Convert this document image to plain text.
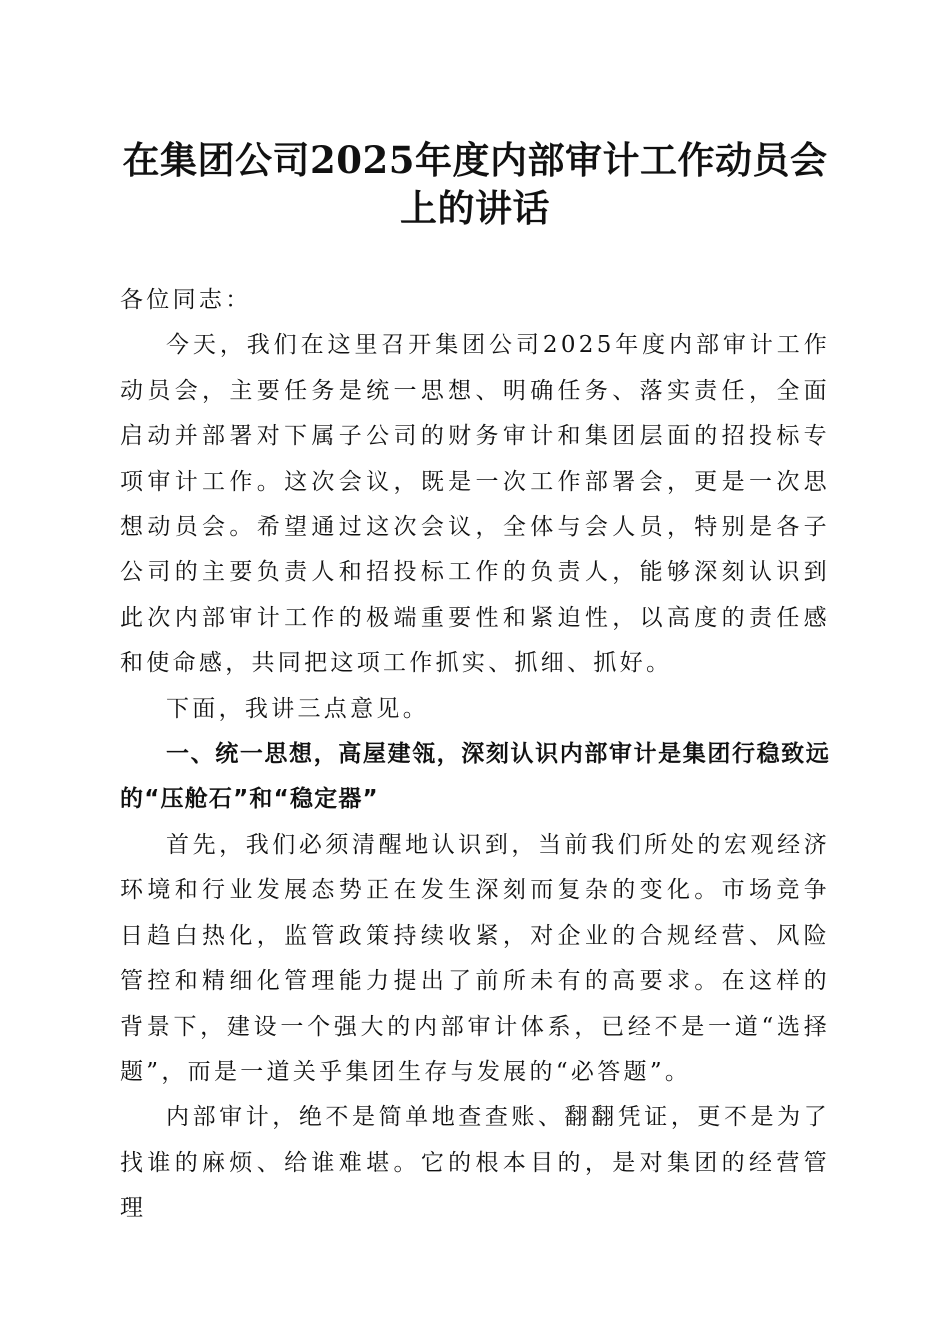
在集团公司2025年度内部审计工作动员会上的讲话

各位同志：

今天，我们在这里召开集团公司2025年度内部审计工作动员会，主要任务是统一思想、明确任务、落实责任，全面启动并部署对下属子公司的财务审计和集团层面的招投标专项审计工作。这次会议，既是一次工作部署会，更是一次思想动员会。希望通过这次会议，全体与会人员，特别是各子公司的主要负责人和招投标工作的负责人，能够深刻认识到此次内部审计工作的极端重要性和紧迫性，以高度的责任感和使命感，共同把这项工作抓实、抓细、抓好。

下面，我讲三点意见。

一、统一思想，高屋建瓴，深刻认识内部审计是集团行稳致远的“压舱石”和“稳定器”

首先，我们必须清醒地认识到，当前我们所处的宏观经济环境和行业发展态势正在发生深刻而复杂的变化。市场竞争日趋白热化，监管政策持续收紧，对企业的合规经营、风险管控和精细化管理能力提出了前所未有的高要求。在这样的背景下，建设一个强大的内部审计体系，已经不是一道“选择题”，而是一道关乎集团生存与发展的“必答题”。

内部审计，绝不是简单地查查账、翻翻凭证，更不是为了找谁的麻烦、给谁难堪。它的根本目的，是对集团的经营管理
